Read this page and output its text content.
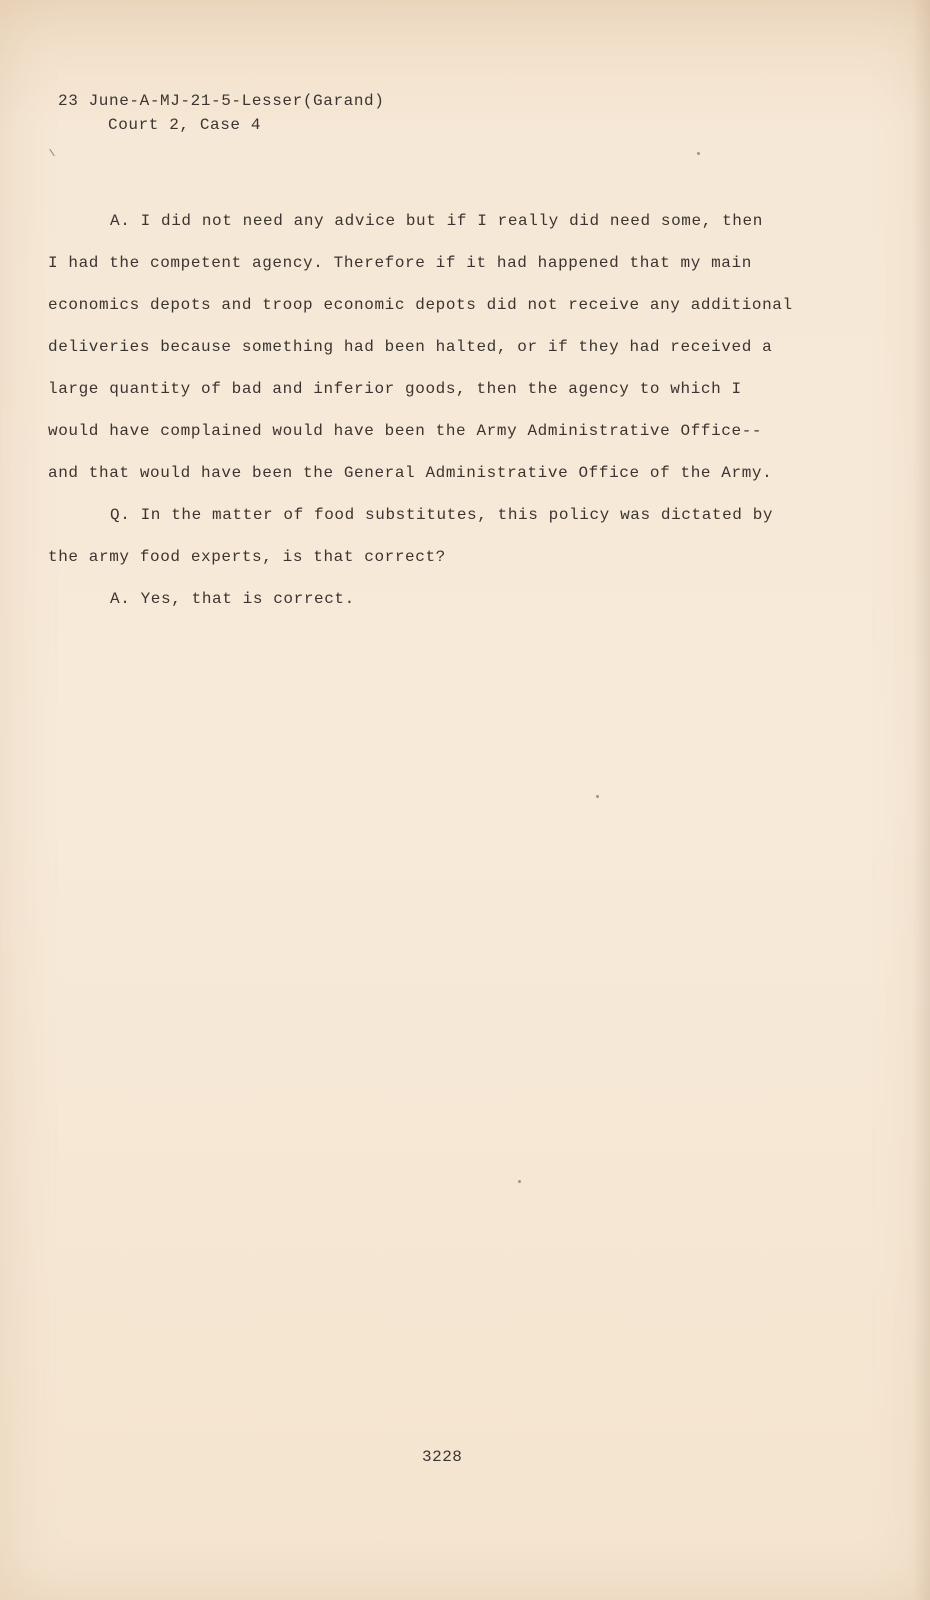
23 June-A-MJ-21-5-Lesser(Garand)
Court 2, Case 4
A. I did not need any advice but if I really did need some, then
I had the competent agency. Therefore if it had happened that my main
economics depots and troop economic depots did not receive any additional
deliveries because something had been halted, or if they had received a
large quantity of bad and inferior goods, then the agency to which I
would have complained would have been the Army Administrative Office--
and that would have been the General Administrative Office of the Army.
Q. In the matter of food substitutes, this policy was dictated by
the army food experts, is that correct?
A. Yes, that is correct.
3228
